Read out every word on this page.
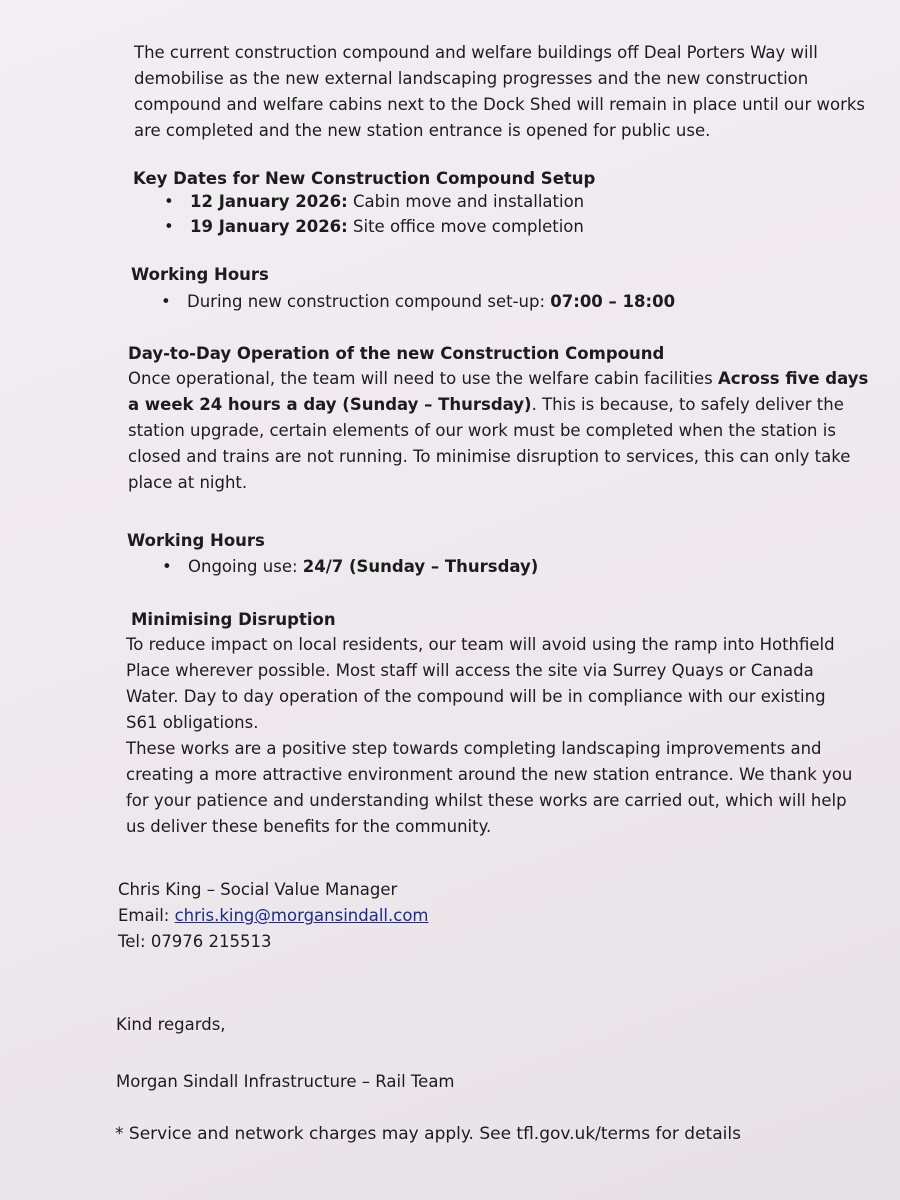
The current construction compound and welfare buildings off Deal Porters Way will
demobilise as the new external landscaping progresses and the new construction
compound and welfare cabins next to the Dock Shed will remain in place until our works
are completed and the new station entrance is opened for public use.
Key Dates for New Construction Compound Setup
• 12 January 2026: Cabin move and installation
• 19 January 2026: Site office move completion
Working Hours
• During new construction compound set-up: 07:00 – 18:00
Day-to-Day Operation of the new Construction Compound
Once operational, the team will need to use the welfare cabin facilities Across five days
a week 24 hours a day (Sunday – Thursday). This is because, to safely deliver the
station upgrade, certain elements of our work must be completed when the station is
closed and trains are not running. To minimise disruption to services, this can only take
place at night.
Working Hours
• Ongoing use: 24/7 (Sunday – Thursday)
Minimising Disruption
To reduce impact on local residents, our team will avoid using the ramp into Hothfield
Place wherever possible. Most staff will access the site via Surrey Quays or Canada
Water. Day to day operation of the compound will be in compliance with our existing
S61 obligations.
These works are a positive step towards completing landscaping improvements and
creating a more attractive environment around the new station entrance. We thank you
for your patience and understanding whilst these works are carried out, which will help
us deliver these benefits for the community.
Chris King – Social Value Manager
Email: chris.king@morgansindall.com
Tel: 07976 215513
Kind regards,
Morgan Sindall Infrastructure – Rail Team
* Service and network charges may apply. See tfl.gov.uk/terms for details
